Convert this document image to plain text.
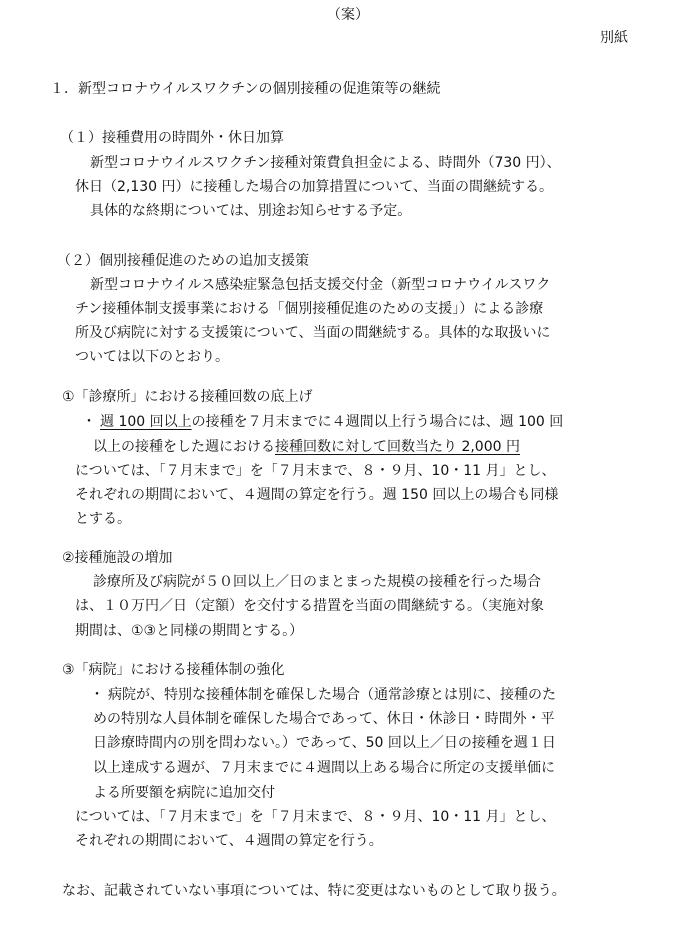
（案）
別紙
１．新型コロナウイルスワクチンの個別接種の促進策等の継続
（１）接種費用の時間外・休日加算
新型コロナウイルスワクチン接種対策費負担金による、時間外（730 円）、
休日（2,130 円）に接種した場合の加算措置について、当面の間継続する。
具体的な終期については、別途お知らせする予定。
（２）個別接種促進のための追加支援策
新型コロナウイルス感染症緊急包括支援交付金（新型コロナウイルスワク
チン接種体制支援事業における「個別接種促進のための支援」）による診療
所及び病院に対する支援策について、当面の間継続する。具体的な取扱いに
ついては以下のとおり。
①「診療所」における接種回数の底上げ
・ 週 100 回以上の接種を７月末までに４週間以上行う場合には、週 100 回
以上の接種をした週における接種回数に対して回数当たり 2,000 円
については、「７月末まで」を「７月末まで、８・９月、10・11 月」とし、
それぞれの期間において、４週間の算定を行う。週 150 回以上の場合も同様
とする。
②接種施設の増加
診療所及び病院が５０回以上／日のまとまった規模の接種を行った場合
は、１０万円／日（定額）を交付する措置を当面の間継続する。（実施対象
期間は、①③と同様の期間とする。）
③「病院」における接種体制の強化
・ 病院が、特別な接種体制を確保した場合（通常診療とは別に、接種のた
めの特別な人員体制を確保した場合であって、休日・休診日・時間外・平
日診療時間内の別を問わない。）であって、50 回以上／日の接種を週１日
以上達成する週が、７月末までに４週間以上ある場合に所定の支援単価に
よる所要額を病院に追加交付
については、「７月末まで」を「７月末まで、８・９月、10・11 月」とし、
それぞれの期間において、４週間の算定を行う。
なお、記載されていない事項については、特に変更はないものとして取り扱う。
